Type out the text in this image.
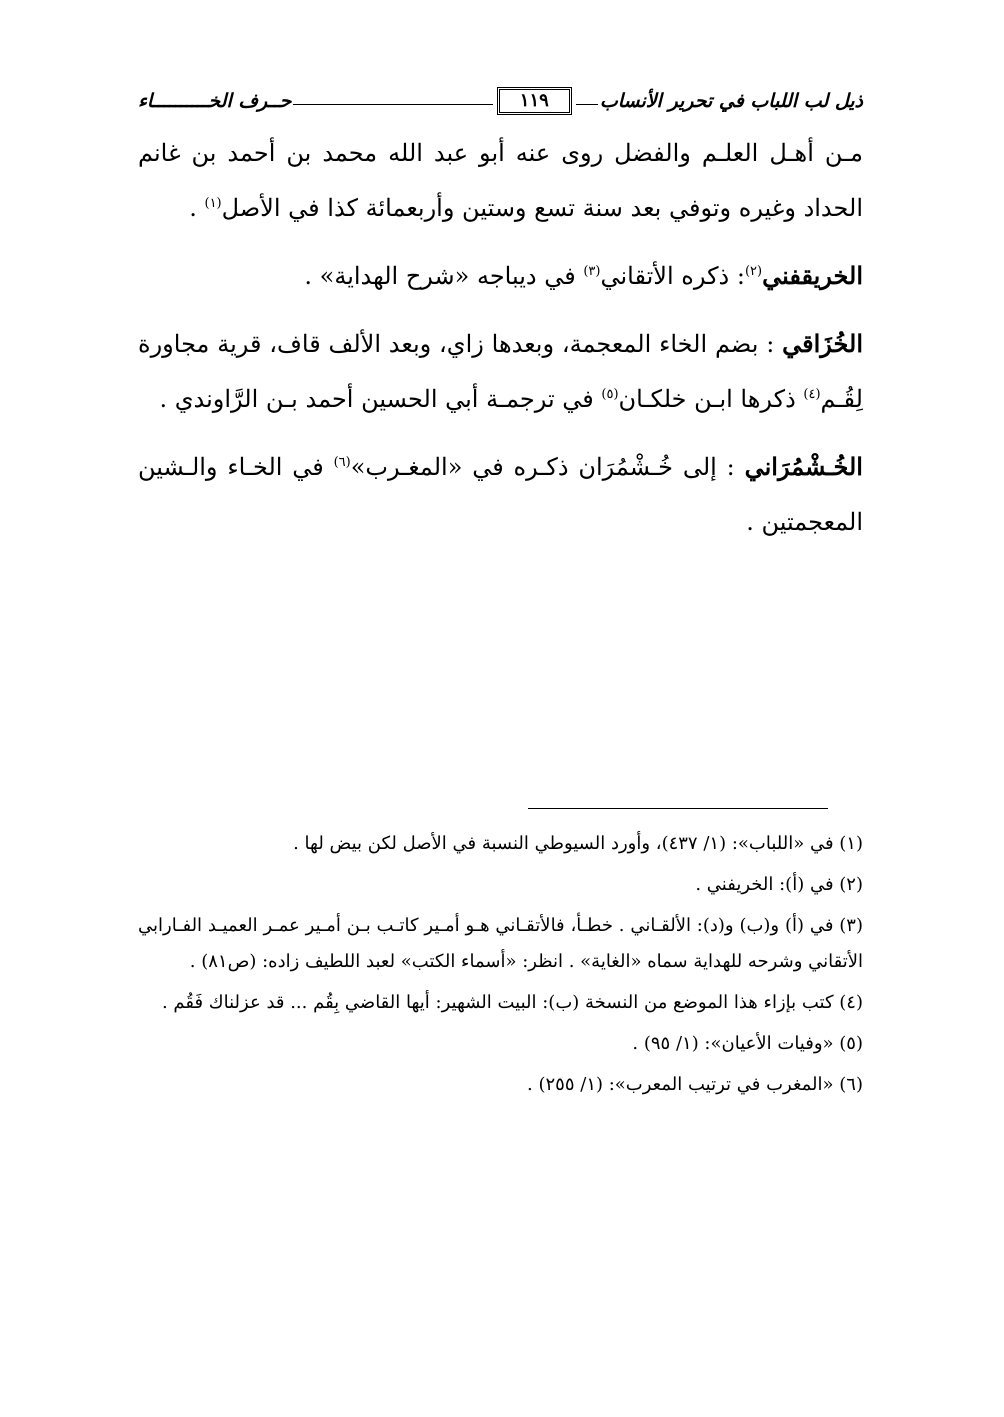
ذيل لب اللباب في تحرير الأنساب
١١٩
حــرف الخــــــــــاء

مـن أهـل العلـم والفضل روى عنه أبو عبد الله محمد بن أحمد بن غانم الحداد وغيره وتوفي بعد سنة تسع وستين وأربعمائة كذا في الأصل$^{(١)}$ .

الخريقفني$^{(٢)}$: ذكره الأتقاني$^{(٣)}$ في ديباجه «شرح الهداية» .

الخُزَاقي : بضم الخاء المعجمة، وبعدها زاي، وبعد الألف قاف، قرية مجاورة لِقُـم$^{(٤)}$ ذكرها ابـن خلكـان$^{(٥)}$ في ترجمـة أبي الحسين أحمد بـن الرَّاوندي .

الخُـشْمُرَاني : إلى خُـشْمُرَان ذكـره في «المغـرب»$^{(٦)}$ في الخـاء والـشين المعجمتين .

(١) في «اللباب»: (١/ ٤٣٧)، وأورد السيوطي النسبة في الأصل لكن بيض لها .

(٢) في (أ): الخريفني .

(٣) في (أ) و(ب) و(د): الألقـاني . خطـأ، فالأتقـاني هـو أمـير كاتـب بـن أمـير عمـر العميـد الفـارابي الأتقاني وشرحه للهداية سماه «الغاية» . انظر: «أسماء الكتب» لعبد اللطيف زاده: (ص٨١) .

(٤) كتب بإزاء هذا الموضع من النسخة (ب): البيت الشهير: أيها القاضي بِقُم ... قد عزلناك فَقُم .

(٥) «وفيات الأعيان»: (١/ ٩٥) .

(٦) «المغرب في ترتيب المعرب»: (١/ ٢٥٥) .
